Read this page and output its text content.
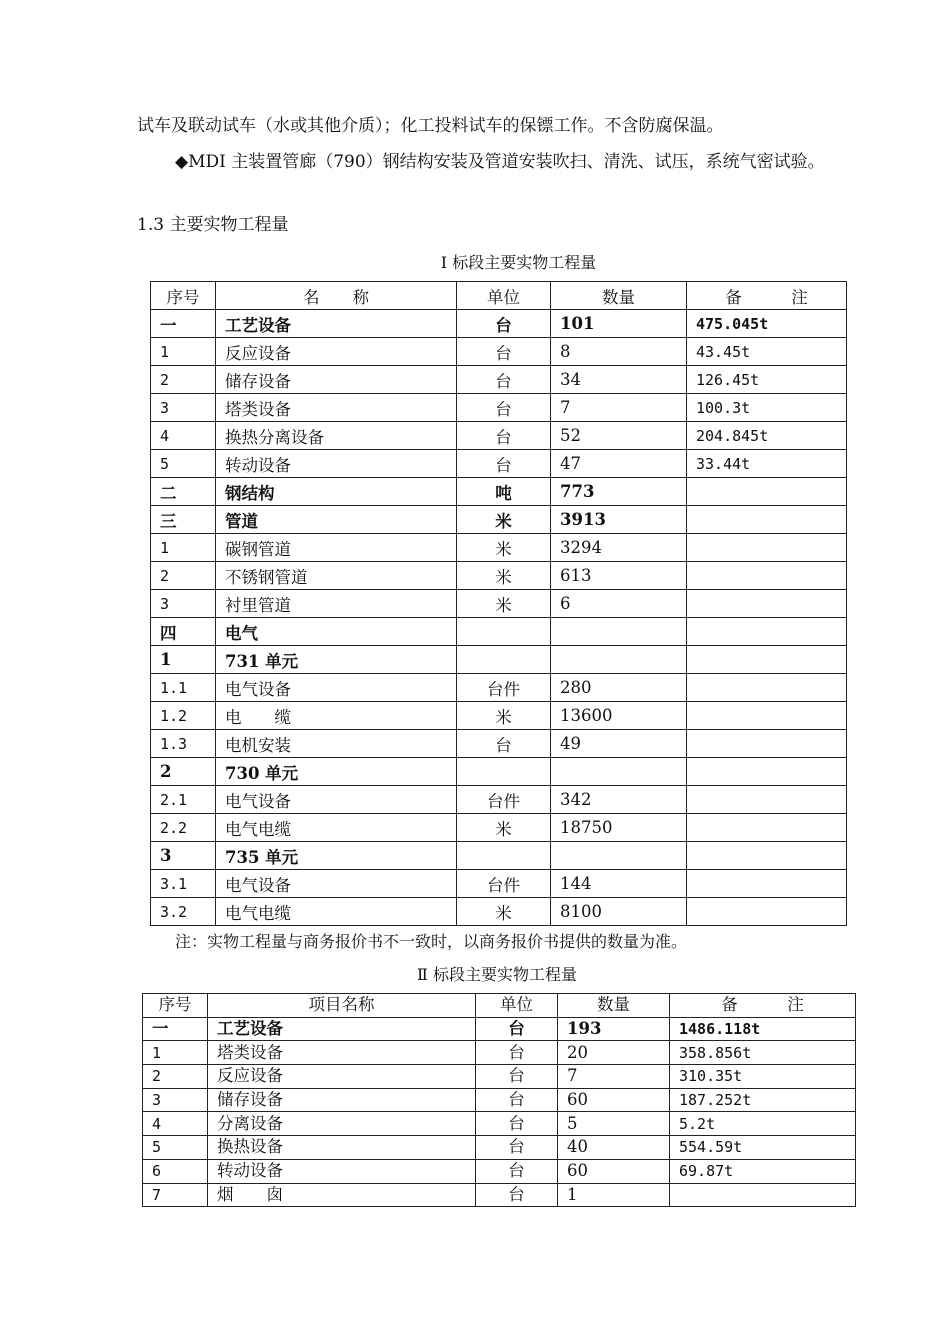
试车及联动试车（水或其他介质）；化工投料试车的保镖工作。不含防腐保温。

◆MDI 主装置管廊（790）钢结构安装及管道安装吹扫、清洗、试压，系统气密试验。

1.3 主要实物工程量

Ⅰ 标段主要实物工程量
序号	名　　称	单位	数量	备　　　注
一	工艺设备	台	101	475.045t
1	反应设备	台	8	43.45t
2	储存设备	台	34	126.45t
3	塔类设备	台	7	100.3t
4	换热分离设备	台	52	204.845t
5	转动设备	台	47	33.44t
二	钢结构	吨	773	
三	管道	米	3913	
1	碳钢管道	米	3294	
2	不锈钢管道	米	613	
3	衬里管道	米	6	
四	电气			
1	731 单元			
1.1	电气设备	台件	280	
1.2	电　　缆	米	13600	
1.3	电机安装	台	49	
2	730 单元			
2.1	电气设备	台件	342	
2.2	电气电缆	米	18750	
3	735 单元			
3.1	电气设备	台件	144	
3.2	电气电缆	米	8100	
注：实物工程量与商务报价书不一致时，以商务报价书提供的数量为准。
Ⅱ 标段主要实物工程量
序号	项目名称	单位	数量	备　　　注
一	工艺设备	台	193	1486.118t
1	塔类设备	台	20	358.856t
2	反应设备	台	7	310.35t
3	储存设备	台	60	187.252t
4	分离设备	台	5	5.2t
5	换热设备	台	40	554.59t
6	转动设备	台	60	69.87t
7	烟　　囱	台	1	
